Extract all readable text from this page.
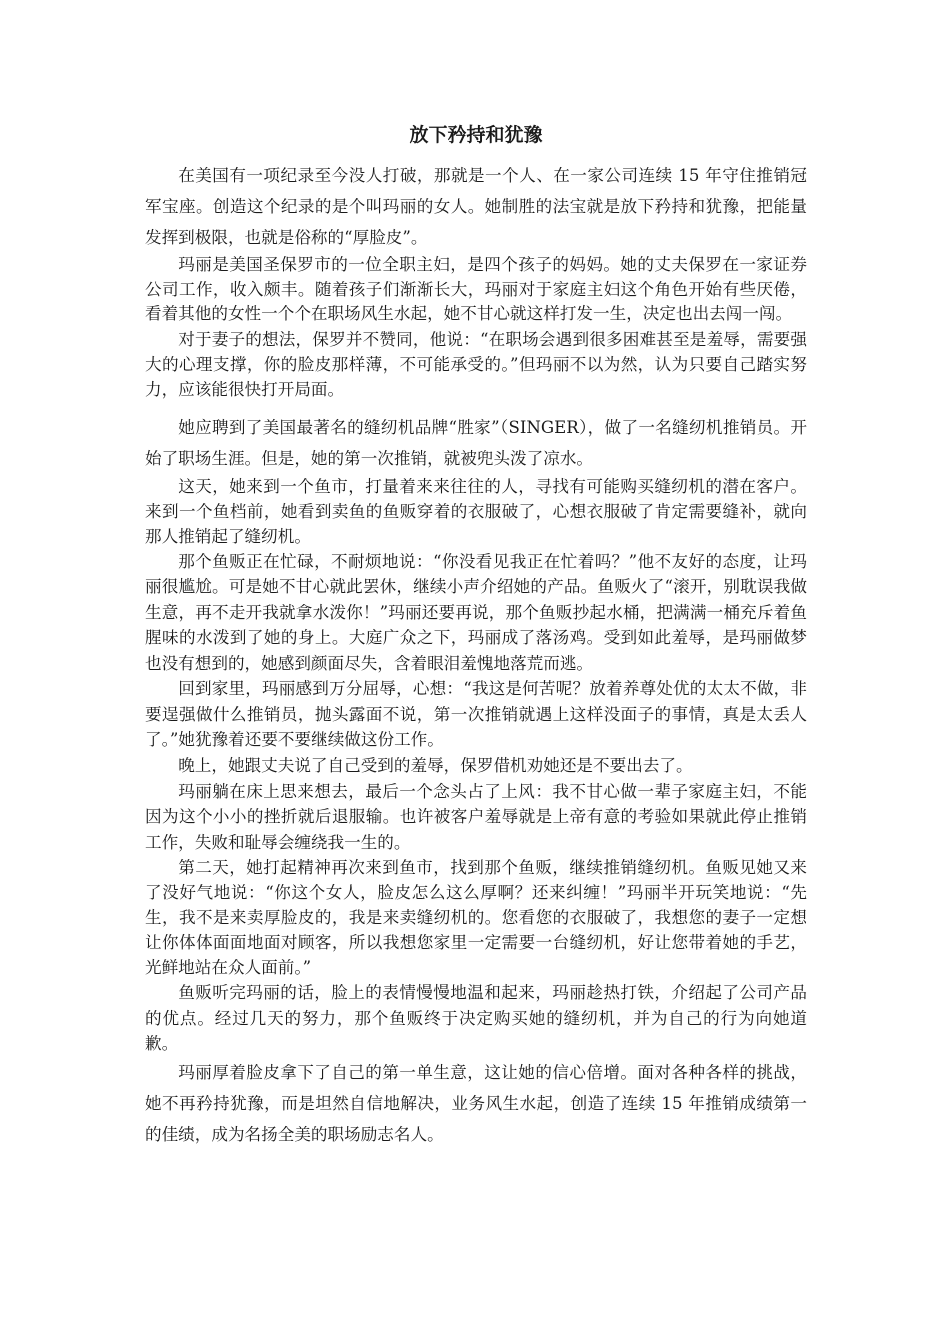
放下矜持和犹豫

在美国有一项纪录至今没人打破，那就是一个人、在一家公司连续 15 年守住推销冠军宝座。创造这个纪录的是个叫玛丽的女人。她制胜的法宝就是放下矜持和犹豫，把能量发挥到极限，也就是俗称的“厚脸皮”。

玛丽是美国圣保罗市的一位全职主妇，是四个孩子的妈妈。她的丈夫保罗在一家证券公司工作，收入颇丰。随着孩子们渐渐长大，玛丽对于家庭主妇这个角色开始有些厌倦，看着其他的女性一个个在职场风生水起，她不甘心就这样打发一生，决定也出去闯一闯。

对于妻子的想法，保罗并不赞同，他说：“在职场会遇到很多困难甚至是羞辱，需要强大的心理支撑，你的脸皮那样薄，不可能承受的。”但玛丽不以为然，认为只要自己踏实努力，应该能很快打开局面。

她应聘到了美国最著名的缝纫机品牌“胜家”（SINGER），做了一名缝纫机推销员。开始了职场生涯。但是，她的第一次推销，就被兜头泼了凉水。

这天，她来到一个鱼市，打量着来来往往的人，寻找有可能购买缝纫机的潜在客户。来到一个鱼档前，她看到卖鱼的鱼贩穿着的衣服破了，心想衣服破了肯定需要缝补，就向那人推销起了缝纫机。

那个鱼贩正在忙碌，不耐烦地说：“你没看见我正在忙着吗？”他不友好的态度，让玛丽很尴尬。可是她不甘心就此罢休，继续小声介绍她的产品。鱼贩火了“滚开，别耽误我做生意，再不走开我就拿水泼你！”玛丽还要再说，那个鱼贩抄起水桶，把满满一桶充斥着鱼腥味的水泼到了她的身上。大庭广众之下，玛丽成了落汤鸡。受到如此羞辱，是玛丽做梦也没有想到的，她感到颜面尽失，含着眼泪羞愧地落荒而逃。

回到家里，玛丽感到万分屈辱，心想：“我这是何苦呢？放着养尊处优的太太不做，非要逞强做什么推销员，抛头露面不说，第一次推销就遇上这样没面子的事情，真是太丢人了。”她犹豫着还要不要继续做这份工作。

晚上，她跟丈夫说了自己受到的羞辱，保罗借机劝她还是不要出去了。

玛丽躺在床上思来想去，最后一个念头占了上风：我不甘心做一辈子家庭主妇，不能因为这个小小的挫折就后退服输。也许被客户羞辱就是上帝有意的考验如果就此停止推销工作，失败和耻辱会缠绕我一生的。

第二天，她打起精神再次来到鱼市，找到那个鱼贩，继续推销缝纫机。鱼贩见她又来了没好气地说：“你这个女人，脸皮怎么这么厚啊？还来纠缠！”玛丽半开玩笑地说：“先生，我不是来卖厚脸皮的，我是来卖缝纫机的。您看您的衣服破了，我想您的妻子一定想让你体体面面地面对顾客，所以我想您家里一定需要一台缝纫机，好让您带着她的手艺，光鲜地站在众人面前。”

鱼贩听完玛丽的话，脸上的表情慢慢地温和起来，玛丽趁热打铁，介绍起了公司产品的优点。经过几天的努力，那个鱼贩终于决定购买她的缝纫机，并为自己的行为向她道歉。

玛丽厚着脸皮拿下了自己的第一单生意，这让她的信心倍增。面对各种各样的挑战，她不再矜持犹豫，而是坦然自信地解决，业务风生水起，创造了连续 15 年推销成绩第一的佳绩，成为名扬全美的职场励志名人。
